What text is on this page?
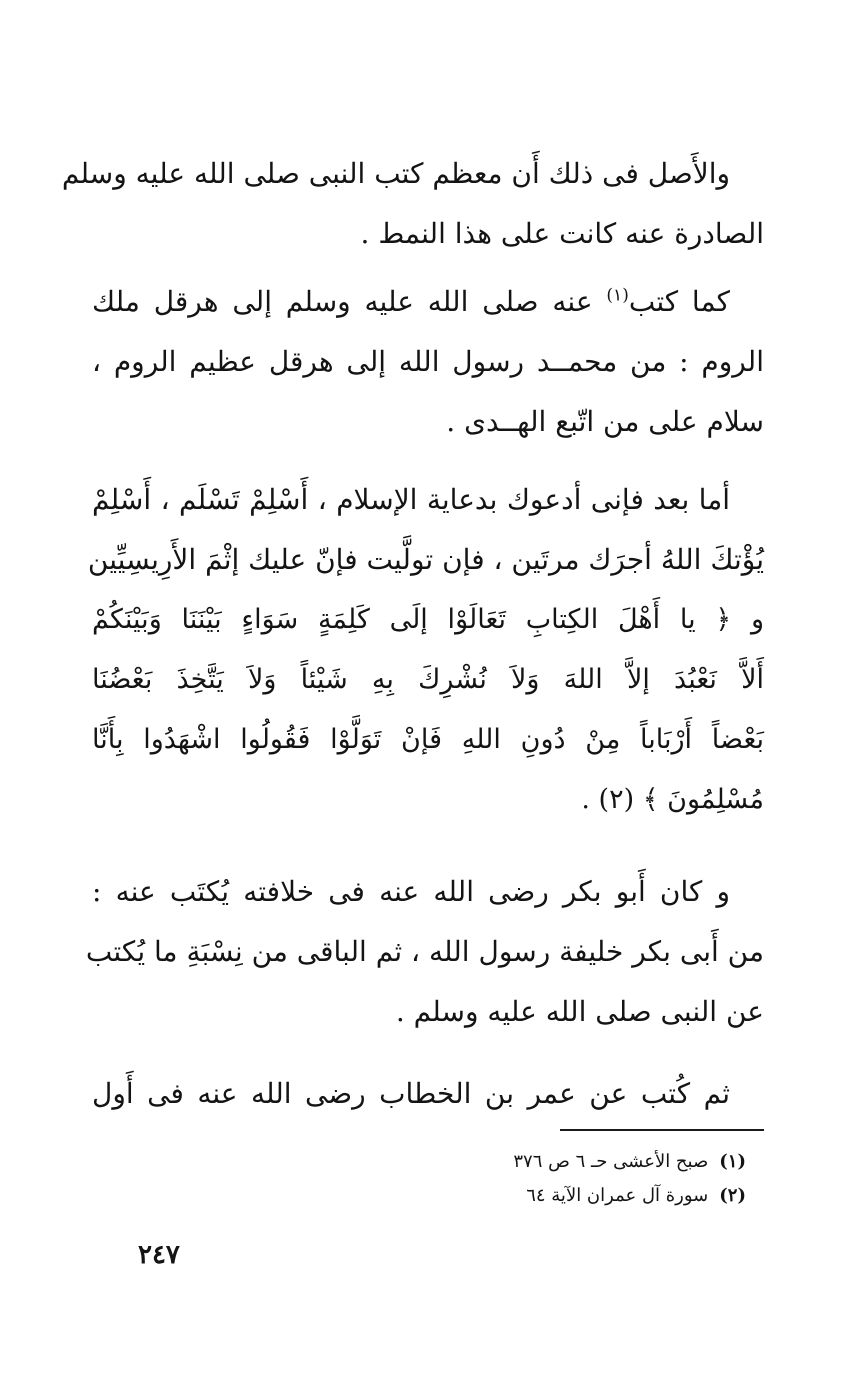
والأَصل فى ذلك أَن معظم كتب النبى صلى الله عليه وسلم
الصادرة عنه كانت على هذا النمط .
كما كتب$^{(١)}$ عنه صلى الله عليه وسلم إلى هرقل ملك
الروم : من محمــد رسول الله إلى هرقل عظيم الروم ،
سلام على من اتّبع الهــدى .
أما بعد فإنى أدعوك بدعاية الإسلام ، أَسْلِمْ تَسْلَم ، أَسْلِمْ
يُؤْتكَ اللهُ أجرَك مرتَين ، فإن تولَّيت فإنّ عليك إثْمَ الأَرِيسِيِّين
و ﴿ يا أَهْلَ الكِتابِ تَعَالَوْا إلَى كَلِمَةٍ سَوَاءٍ بَيْنَنَا وَبَيْنَكُمْ
أَلاَّ نَعْبُدَ إلاَّ اللهَ وَلاَ نُشْرِكَ بِهِ شَيْئاً وَلاَ يَتَّخِذَ بَعْضُنَا
بَعْضاً أَرْبَاباً مِنْ دُونِ اللهِ فَإنْ تَوَلَّوْا فَقُولُوا اشْهَدُوا بِأَنَّا
مُسْلِمُونَ ﴾ (٢) .
و كان أَبو بكر رضى الله عنه فى خلافته يُكتَب عنه :
من أَبى بكر خليفة رسول الله ، ثم الباقى من نِسْبَةِ ما يُكتب
عن النبى صلى الله عليه وسلم .
ثم كُتب عن عمر بن الخطاب رضى الله عنه فى أَول
(١) صبح الأعشى حـ ٦ ص ٣٧٦
(٢) سورة آل عمران الآية ٦٤
٢٤٧
